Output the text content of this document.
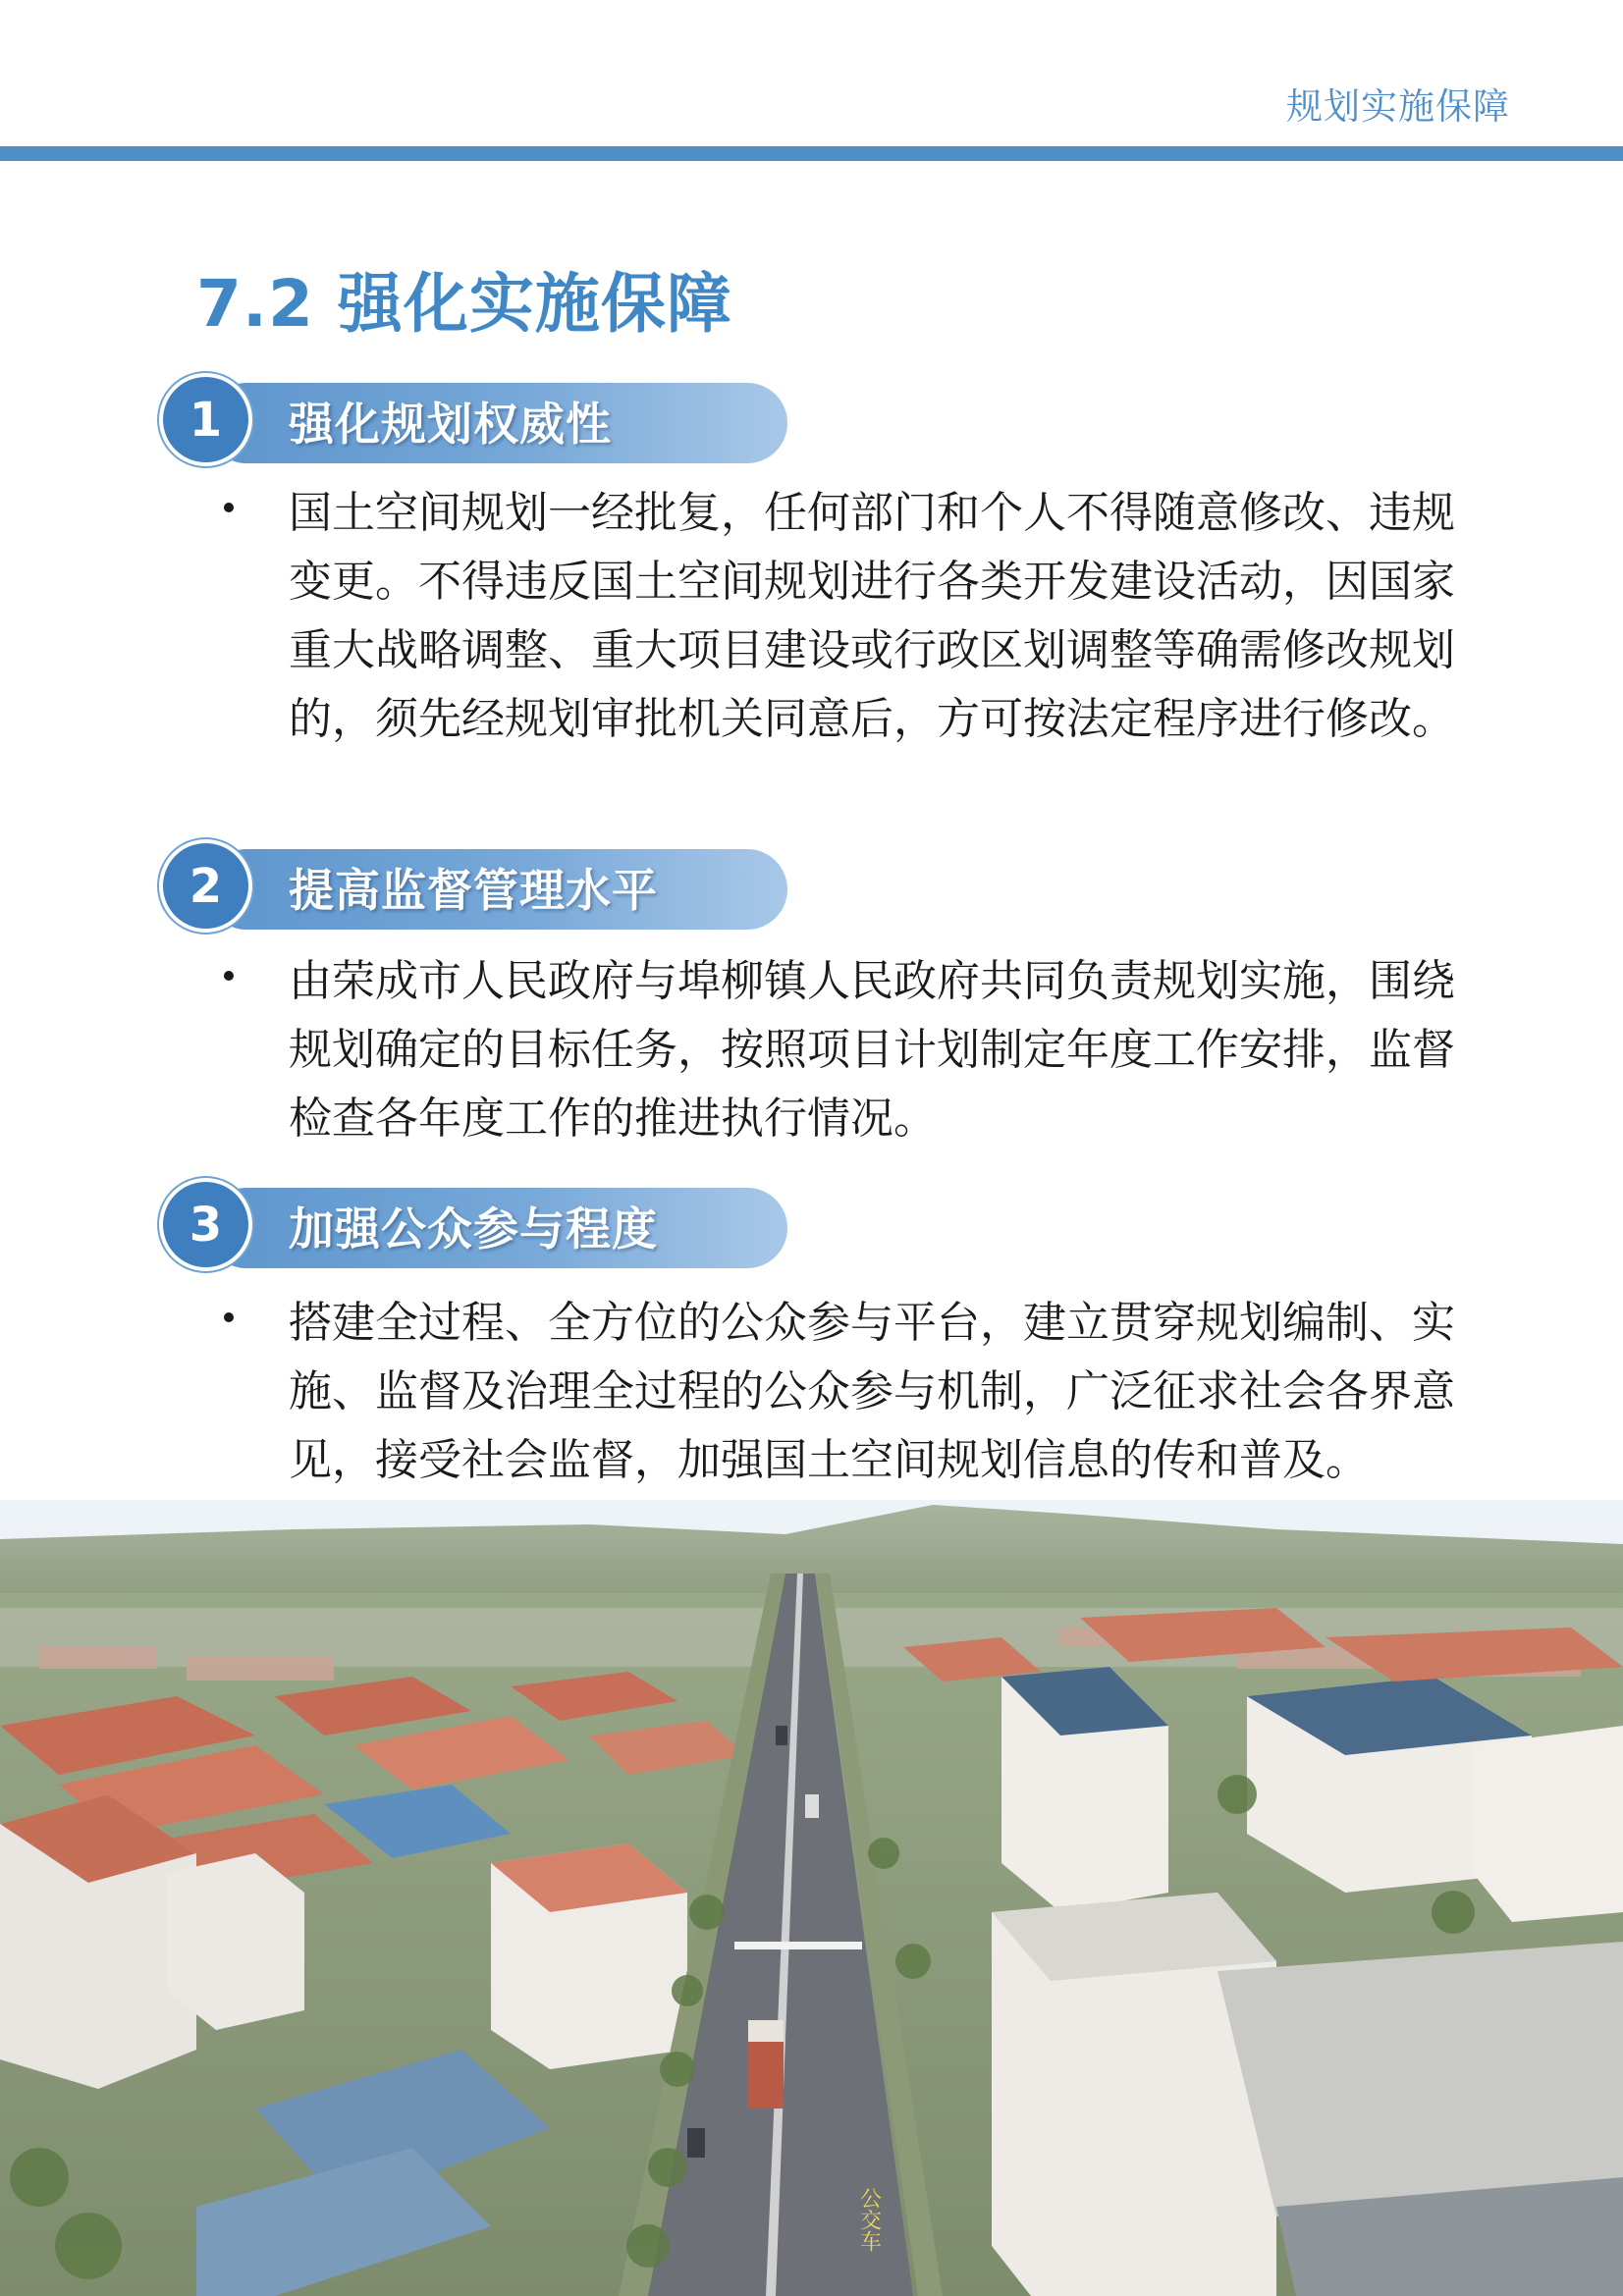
规划实施保障
7.2 强化实施保障
1	强化规划权威性

国土空间规划一经批复，任何部门和个人不得随意修改、违规变更。不得违反国土空间规划进行各类开发建设活动，因国家重大战略调整、重大项目建设或行政区划调整等确需修改规划的，须先经规划审批机关同意后，方可按法定程序进行修改。

2	提高监督管理水平

由荣成市人民政府与埠柳镇人民政府共同负责规划实施，围绕规划确定的目标任务，按照项目计划制定年度工作安排，监督检查各年度工作的推进执行情况。

3	加强公众参与程度

搭建全过程、全方位的公众参与平台，建立贯穿规划编制、实施、监督及治理全过程的公众参与机制，广泛征求社会各界意见，接受社会监督，加强国土空间规划信息的传和普及。

公交车
